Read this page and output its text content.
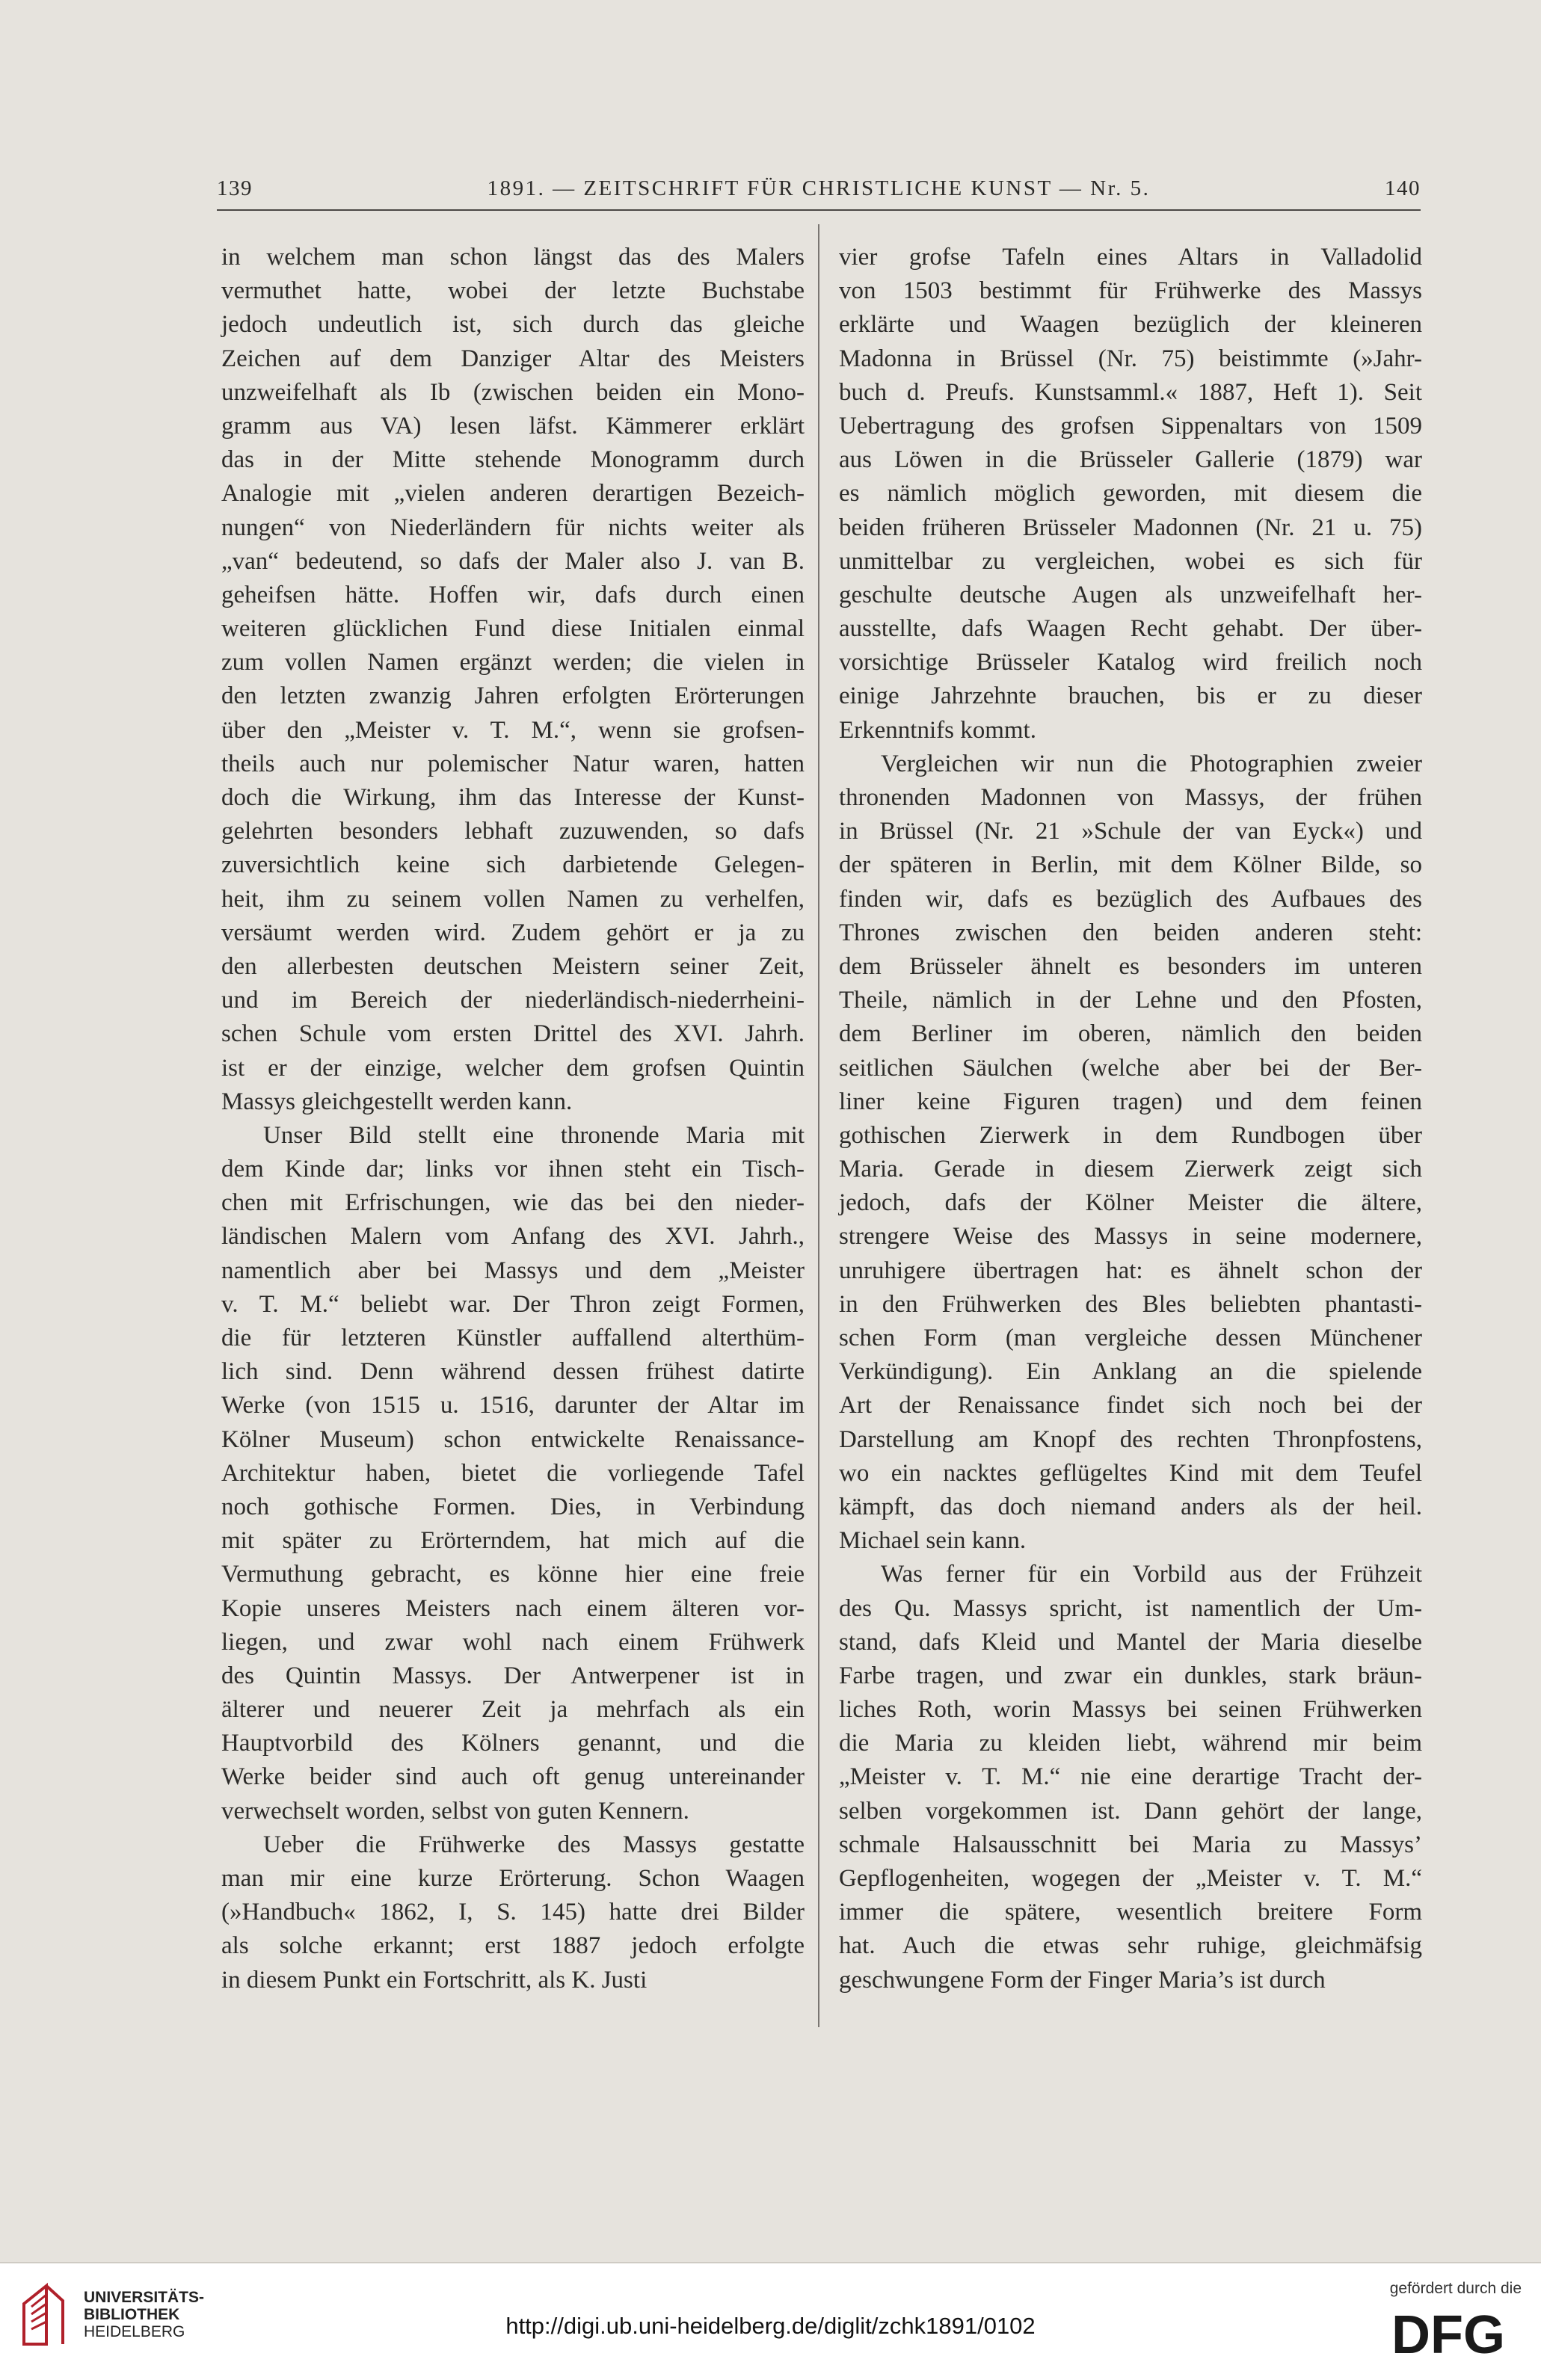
139	1891. — ZEITSCHRIFT FÜR CHRISTLICHE KUNST — Nr. 5.	140
in welchem man schon längst das des Malers
vermuthet hatte, wobei der letzte Buchstabe
jedoch undeutlich ist, sich durch das gleiche
Zeichen auf dem Danziger Altar des Meisters
unzweifelhaft als Ib (zwischen beiden ein Mono-
gramm aus VA) lesen läfst. Kämmerer erklärt
das in der Mitte stehende Monogramm durch
Analogie mit „vielen anderen derartigen Bezeich-
nungen“ von Niederländern für nichts weiter als
„van“ bedeutend, so dafs der Maler also J. van B.
geheifsen hätte. Hoffen wir, dafs durch einen
weiteren glücklichen Fund diese Initialen einmal
zum vollen Namen ergänzt werden; die vielen in
den letzten zwanzig Jahren erfolgten Erörterungen
über den „Meister v. T. M.“, wenn sie grofsen-
theils auch nur polemischer Natur waren, hatten
doch die Wirkung, ihm das Interesse der Kunst-
gelehrten besonders lebhaft zuzuwenden, so dafs
zuversichtlich keine sich darbietende Gelegen-
heit, ihm zu seinem vollen Namen zu verhelfen,
versäumt werden wird. Zudem gehört er ja zu
den allerbesten deutschen Meistern seiner Zeit,
und im Bereich der niederländisch-niederrheini-
schen Schule vom ersten Drittel des XVI. Jahrh.
ist er der einzige, welcher dem grofsen Quintin
Massys gleichgestellt werden kann.
Unser Bild stellt eine thronende Maria mit
dem Kinde dar; links vor ihnen steht ein Tisch-
chen mit Erfrischungen, wie das bei den nieder-
ländischen Malern vom Anfang des XVI. Jahrh.,
namentlich aber bei Massys und dem „Meister
v. T. M.“ beliebt war. Der Thron zeigt Formen,
die für letzteren Künstler auffallend alterthüm-
lich sind. Denn während dessen frühest datirte
Werke (von 1515 u. 1516, darunter der Altar im
Kölner Museum) schon entwickelte Renaissance-
Architektur haben, bietet die vorliegende Tafel
noch gothische Formen. Dies, in Verbindung
mit später zu Erörterndem, hat mich auf die
Vermuthung gebracht, es könne hier eine freie
Kopie unseres Meisters nach einem älteren vor-
liegen, und zwar wohl nach einem Frühwerk
des Quintin Massys. Der Antwerpener ist in
älterer und neuerer Zeit ja mehrfach als ein
Hauptvorbild des Kölners genannt, und die
Werke beider sind auch oft genug untereinander
verwechselt worden, selbst von guten Kennern.
Ueber die Frühwerke des Massys gestatte
man mir eine kurze Erörterung. Schon Waagen
(»Handbuch« 1862, I, S. 145) hatte drei Bilder
als solche erkannt; erst 1887 jedoch erfolgte
in diesem Punkt ein Fortschritt, als K. Justi
vier grofse Tafeln eines Altars in Valladolid
von 1503 bestimmt für Frühwerke des Massys
erklärte und Waagen bezüglich der kleineren
Madonna in Brüssel (Nr. 75) beistimmte (»Jahr-
buch d. Preufs. Kunstsamml.« 1887, Heft 1). Seit
Uebertragung des grofsen Sippenaltars von 1509
aus Löwen in die Brüsseler Gallerie (1879) war
es nämlich möglich geworden, mit diesem die
beiden früheren Brüsseler Madonnen (Nr. 21 u. 75)
unmittelbar zu vergleichen, wobei es sich für
geschulte deutsche Augen als unzweifelhaft her-
ausstellte, dafs Waagen Recht gehabt. Der über-
vorsichtige Brüsseler Katalog wird freilich noch
einige Jahrzehnte brauchen, bis er zu dieser
Erkenntnifs kommt.
Vergleichen wir nun die Photographien zweier
thronenden Madonnen von Massys, der frühen
in Brüssel (Nr. 21 »Schule der van Eyck«) und
der späteren in Berlin, mit dem Kölner Bilde, so
finden wir, dafs es bezüglich des Aufbaues des
Thrones zwischen den beiden anderen steht:
dem Brüsseler ähnelt es besonders im unteren
Theile, nämlich in der Lehne und den Pfosten,
dem Berliner im oberen, nämlich den beiden
seitlichen Säulchen (welche aber bei der Ber-
liner keine Figuren tragen) und dem feinen
gothischen Zierwerk in dem Rundbogen über
Maria. Gerade in diesem Zierwerk zeigt sich
jedoch, dafs der Kölner Meister die ältere,
strengere Weise des Massys in seine modernere,
unruhigere übertragen hat: es ähnelt schon der
in den Frühwerken des Bles beliebten phantasti-
schen Form (man vergleiche dessen Münchener
Verkündigung). Ein Anklang an die spielende
Art der Renaissance findet sich noch bei der
Darstellung am Knopf des rechten Thronpfostens,
wo ein nacktes geflügeltes Kind mit dem Teufel
kämpft, das doch niemand anders als der heil.
Michael sein kann.
Was ferner für ein Vorbild aus der Frühzeit
des Qu. Massys spricht, ist namentlich der Um-
stand, dafs Kleid und Mantel der Maria dieselbe
Farbe tragen, und zwar ein dunkles, stark bräun-
liches Roth, worin Massys bei seinen Frühwerken
die Maria zu kleiden liebt, während mir beim
„Meister v. T. M.“ nie eine derartige Tracht der-
selben vorgekommen ist. Dann gehört der lange,
schmale Halsausschnitt bei Maria zu Massys’
Gepflogenheiten, wogegen der „Meister v. T. M.“
immer die spätere, wesentlich breitere Form
hat. Auch die etwas sehr ruhige, gleichmäfsig
geschwungene Form der Finger Maria’s ist durch
UNIVERSITÄTS-
BIBLIOTHEK
HEIDELBERG	http://digi.ub.uni-heidelberg.de/diglit/zchk1891/0102
gefördert durch die
DFG
